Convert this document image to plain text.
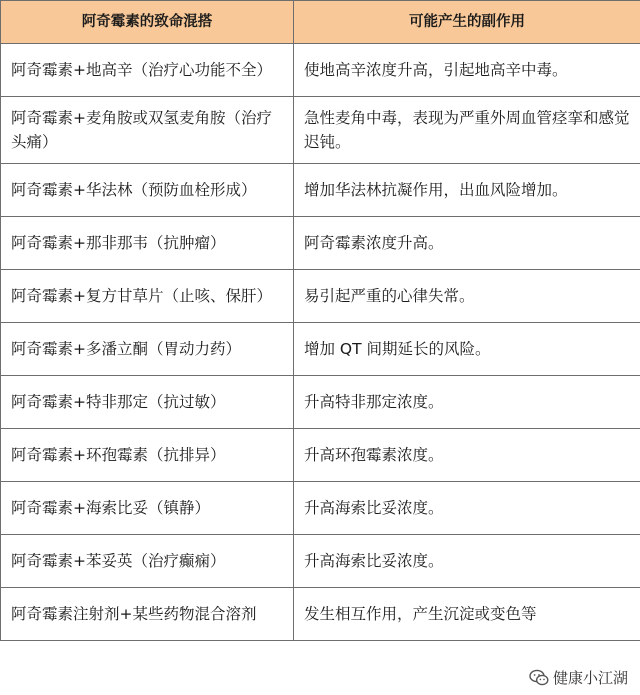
阿奇霉素的致命混搭	可能产生的副作用
阿奇霉素+地高辛（治疗心功能不全）	使地高辛浓度升高，引起地高辛中毒。
阿奇霉素+麦角胺或双氢麦角胺（治疗头痛）	急性麦角中毒，表现为严重外周血管痉挛和感觉迟钝。
阿奇霉素+华法林（预防血栓形成）	增加华法林抗凝作用，出血风险增加。
阿奇霉素+那非那韦（抗肿瘤）	阿奇霉素浓度升高。
阿奇霉素+复方甘草片（止咳、保肝）	易引起严重的心律失常。
阿奇霉素+多潘立酮（胃动力药）	增加 QT 间期延长的风险。
阿奇霉素+特非那定（抗过敏）	升高特非那定浓度。
阿奇霉素+环孢霉素（抗排异）	升高环孢霉素浓度。
阿奇霉素+海索比妥（镇静）	升高海索比妥浓度。
阿奇霉素+苯妥英（治疗癫痫）	升高海索比妥浓度。
阿奇霉素注射剂+某些药物混合溶剂	发生相互作用，产生沉淀或变色等
健康小江湖
